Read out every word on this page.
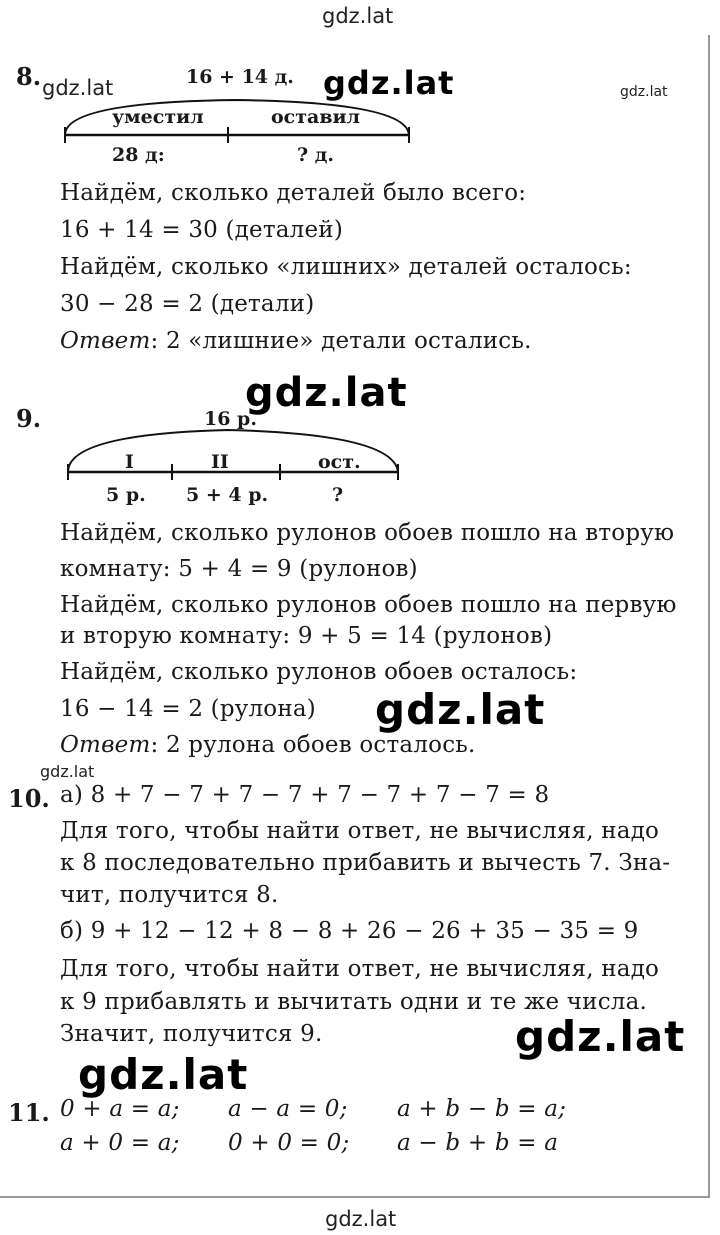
gdz.lat
gdz.lat
8. gdz.lat	gdz.lat	gdz.lat
16 + 14 д.
уместил	оставил
28 д:	? д.
Найдём, сколько деталей было всего:
16 + 14 = 30 (деталей)
Найдём, сколько «лишних» деталей осталось:
30 − 28 = 2 (детали)
Ответ: 2 «лишние» детали остались.
gdz.lat
9.	16 р.
I	II	ост.
5 р. 5 + 4 р.	?
Найдём, сколько рулонов обоев пошло на вторую
комнату: 5 + 4 = 9 (рулонов)
Найдём, сколько рулонов обоев пошло на первую
и вторую комнату: 9 + 5 = 14 (рулонов)
Найдём, сколько рулонов обоев осталось:
16 − 14 = 2 (рулона) gdz.lat
Ответ: 2 рулона обоев осталось.
gdz.lat
10. а) 8 + 7 − 7 + 7 − 7 + 7 − 7 + 7 − 7 = 8
Для того, чтобы найти ответ, не вычисляя, надо
к 8 последовательно прибавить и вычесть 7. Зна-
чит, получится 8.
б) 9 + 12 − 12 + 8 − 8 + 26 − 26 + 35 − 35 = 9
Для того, чтобы найти ответ, не вычисляя, надо
к 9 прибавлять и вычитать одни и те же числа.
Значит, получится 9.	gdz.lat
gdz.lat
11. 0 + a = a; a − a = 0; a + b − b = a;
a + 0 = a; 0 + 0 = 0; a − b + b = a
